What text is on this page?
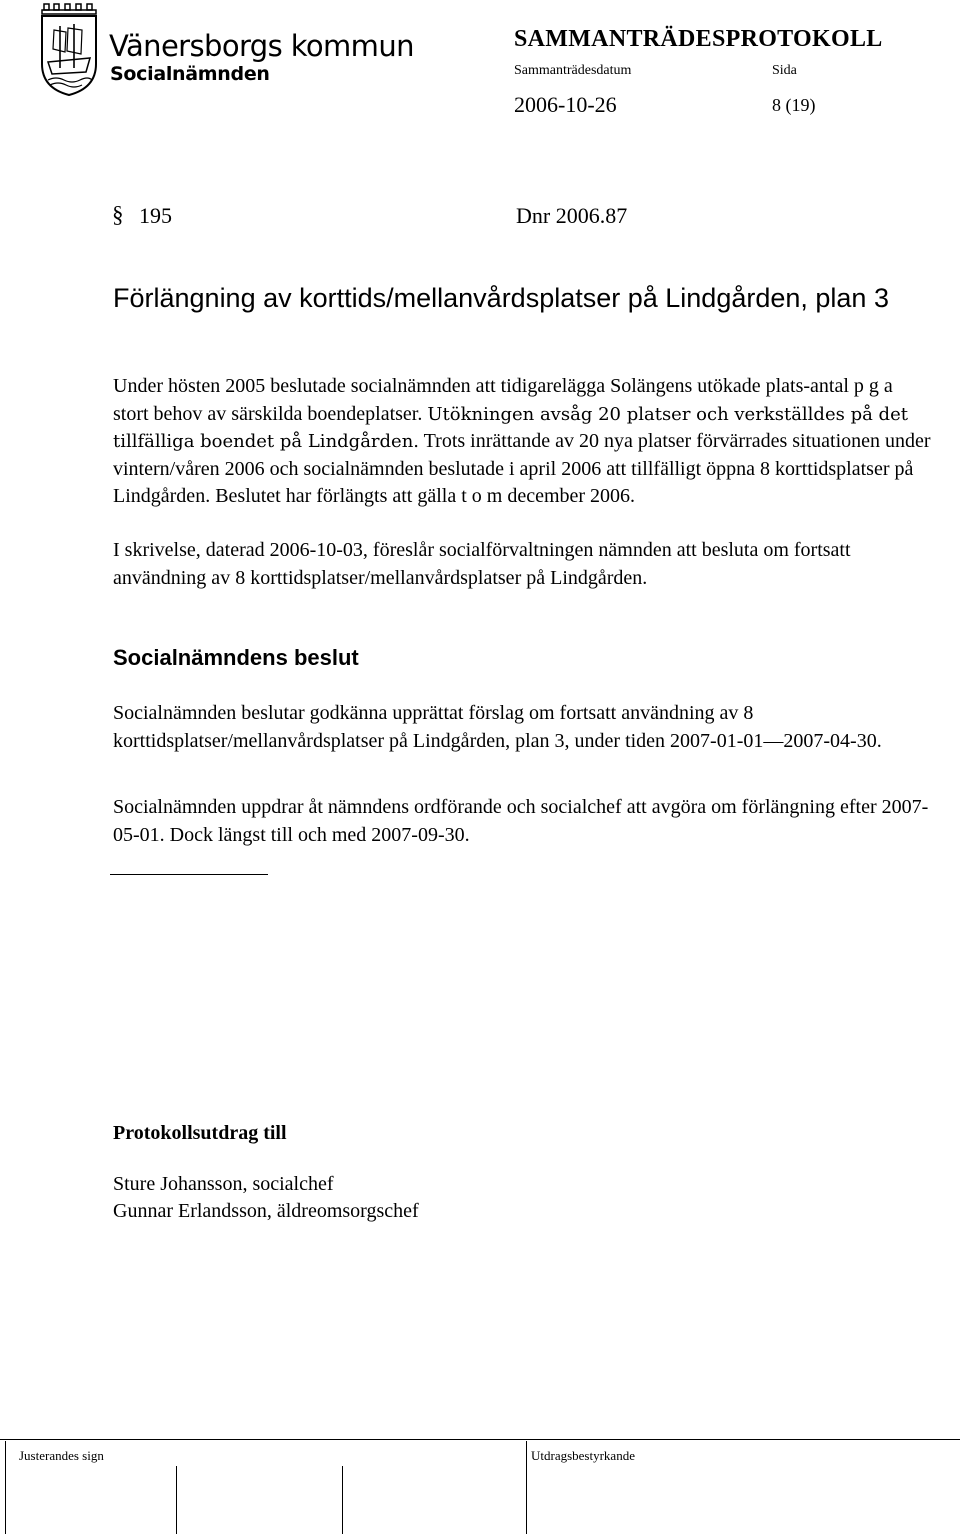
Vänersborgs kommun
Socialnämnden
SAMMANTRÄDESPROTOKOLL
Sammanträdesdatum	Sida
2006-10-26	8 (19)
§ 195	Dnr 2006.87
Förlängning av korttids/mellanvårdsplatser på Lindgården, plan 3
Under hösten 2005 beslutade socialnämnden att tidigarelägga Solängens utökade plats-antal p g a stort behov av särskilda boendeplatser. Utökningen avsåg 20 platser och verkställdes på det tillfälliga boendet på Lindgården. Trots inrättande av 20 nya platser förvärrades situationen under vintern/våren 2006 och socialnämnden beslutade i april 2006 att tillfälligt öppna 8 korttidsplatser på Lindgården. Beslutet har förlängts att gälla t o m december 2006.
I skrivelse, daterad 2006-10-03, föreslår socialförvaltningen nämnden att besluta om fortsatt användning av 8 korttidsplatser/mellanvårdsplatser på Lindgården.
Socialnämndens beslut
Socialnämnden beslutar godkänna upprättat förslag om fortsatt användning av 8 korttidsplatser/mellanvårdsplatser på Lindgården, plan 3, under tiden 2007-01-01—2007-04-30.
Socialnämnden uppdrar åt nämndens ordförande och socialchef att avgöra om förlängning efter 2007-05-01. Dock längst till och med 2007-09-30.
Protokollsutdrag till
Sture Johansson, socialchef
Gunnar Erlandsson, äldreomsorgschef
Justerandes sign	Utdragsbestyrkande
